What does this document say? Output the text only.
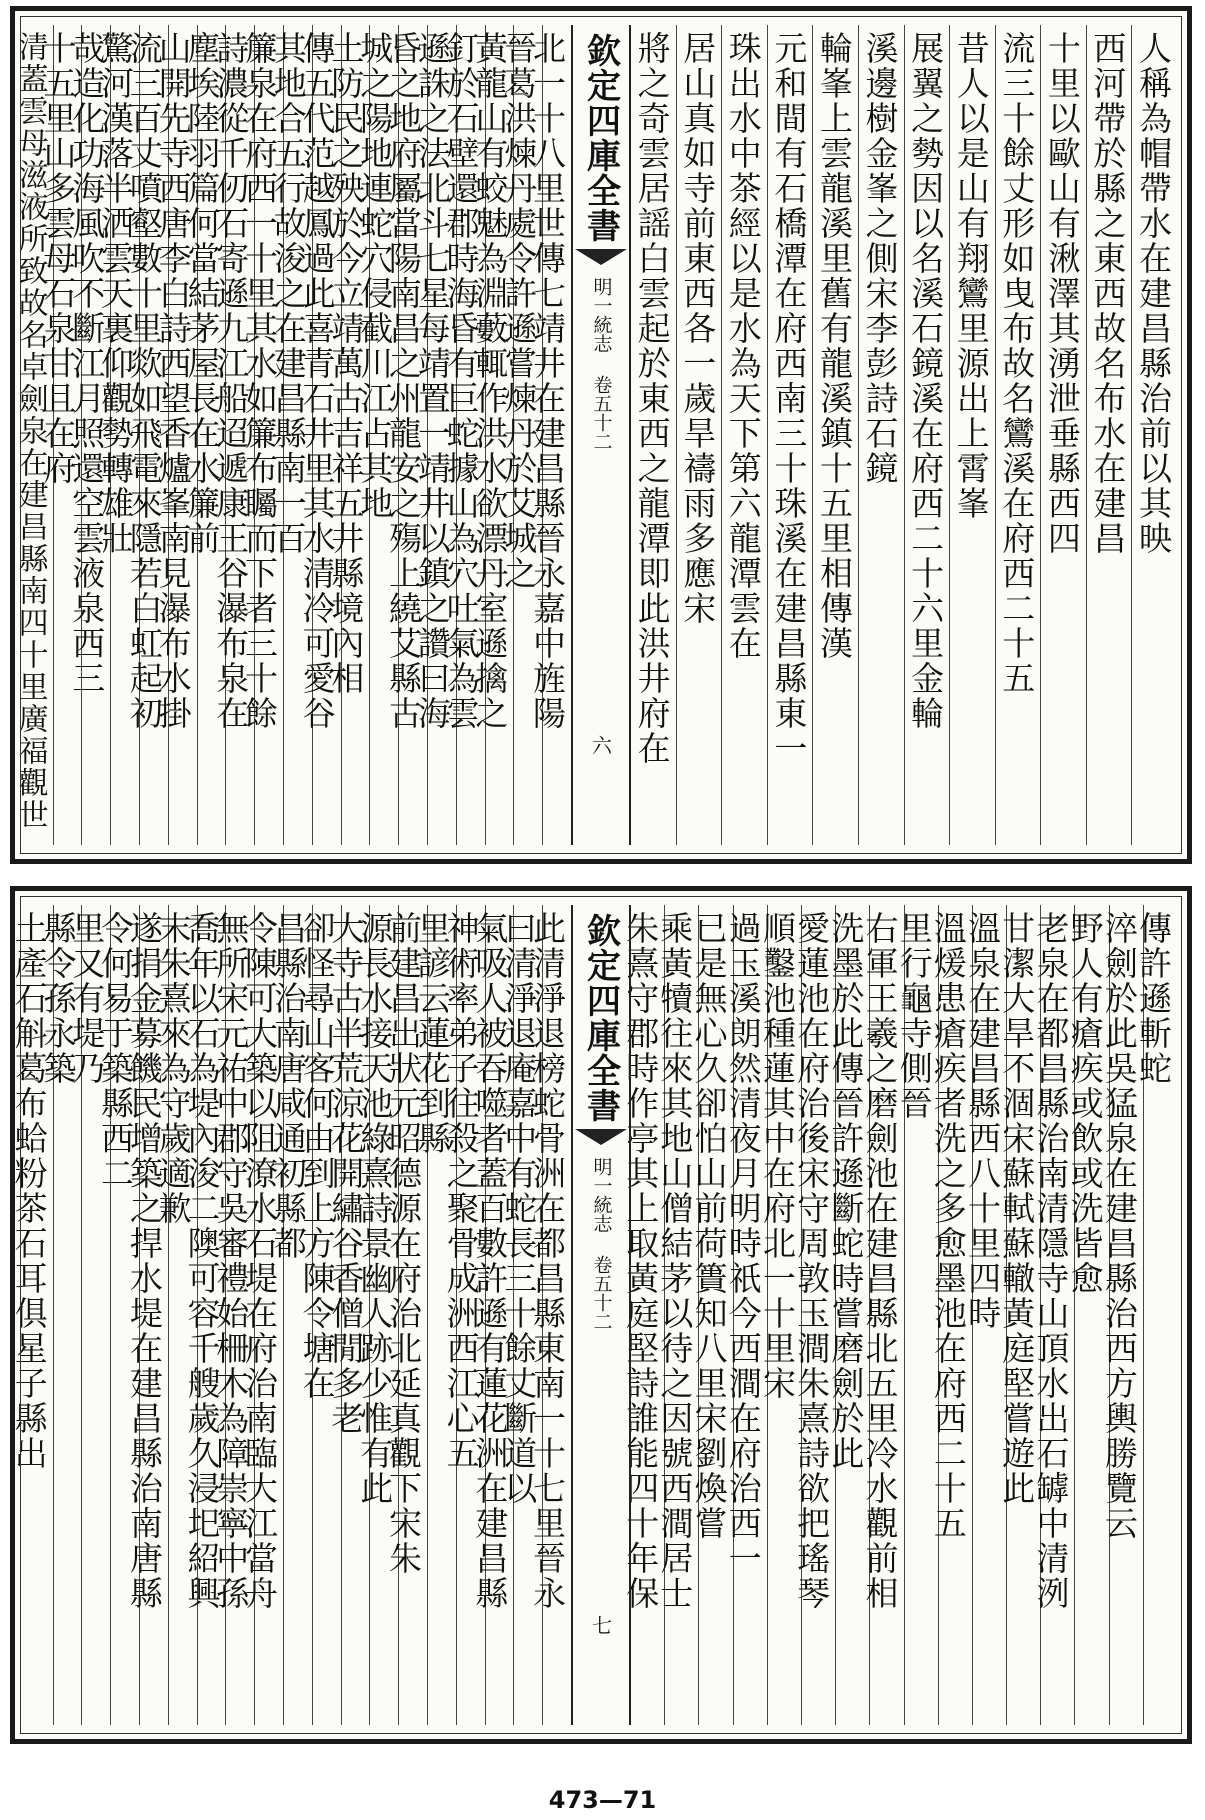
人稱為帽帶水在建昌縣治前以其映
西河帶於縣之東西故名布水在建昌
十里以歐山有湫澤其湧泄垂縣西四
流三十餘丈形如曳布故名鸞溪在府西二十五
昔人以是山有翔鸞里源出上霄峯
展翼之勢因以名溪石鏡溪在府西二十六里金輪
溪邊樹金峯之側宋李彭詩石鏡
輪峯上雲龍溪里舊有龍溪鎮十五里相傳漢
元和間有石橋潭在府西南三十珠溪在建昌縣東一
珠出水中茶經以是水為天下第六龍潭雲在
居山真如寺前東西各一歲旱禱雨多應宋
將之奇雲居謡白雲起於東西之龍潭即此洪井府在
欽定四庫全書
明一統志 卷五十二
六
北一十八里世傳七靖井在建昌縣晉永嘉中旌陽
晉葛洪煉丹處令許遜嘗煉丹於艾城之
黃龍山有蛟魅為淵藪輒作洪水欲漂丹室遜擒之
釘於石壁還郡時海昏有巨蛇據山為穴吐氣為雲
遜誅之法北斗七星每靖置一靖井以鎮之讚曰海
昏之地府屬當陽南昌之州龍安之殤上繞艾縣古
城之陽地連蛇穴侵截川江占其地
土防民之殃於今立靖萬古吉祥五井縣境內相
傳五代范越鳳過此喜青石井里其水清冷可愛谷
其地合五行故浚之在建昌縣南一百
簾泉在府西一十里其水如簾布矚而下者三十餘
詩濃從千仞石寄遜九江船迢遞康王谷瀑布泉在
塵埃陸羽篇何當結茅屋長在水簾前
山開先寺西唐李白詩西望香爐峯南見瀑布水掛
流三百丈噴壑數十里欻如飛電來隱若白虹起初
驚河漢落半洒雲天裏仰觀勢轉雄壯
哉造化功海風吹不斷江月照還空雲液泉西三
十五里山多雲母石泉甘且在府
清蓋雲母滋液所致故名卓劍泉在建昌縣南四十里廣福觀世
傳許遜斬蛇
淬劍於此吳猛泉在建昌縣治西方輿勝覽云
野人有瘡疾或飲或洗皆愈
老泉在都昌縣治南清隱寺山頂水出石罅中清洌
甘潔大旱不涸宋蘇軾蘇轍黃庭堅嘗遊此
溫泉在建昌縣西八十里四時
溫煖患瘡疾者洗之多愈墨池在府西二十五
里行龜寺側晉
右軍王羲之磨劍池在建昌縣北五里冷水觀前相
洗墨於此傳晉許遜斷蛇時嘗磨劍於此
愛蓮池在府治後宋守周敦玉澗朱熹詩欲把瑤琴
順鑿池種蓮其中在府北一十里宋
過玉溪朗然清夜月明時祇今西澗在府治西一
已是無心久卻怕山前荷簣知八里宋劉煥嘗
乘黃犢往來其地山僧結茅以待之因號西澗居士
朱熹守郡時作亭其上取黃庭堅詩誰能四十年保
欽定四庫全書
明一統志 卷五十二
七
此清淨退榜蛇骨洲在都昌縣東南一十七里晉永
曰清淨退庵嘉中有蛇長三十餘丈斷道以
氣吸人被吞噬者蓋百數許遜有蓮花洲在建昌縣
神術率弟子往殺之聚骨成洲西江心五
里諺云蓮花到縣
前建昌出狀元昭德源在府治北延真觀下宋朱
源長水接天池綠熹詩景幽人跡少惟有此
大寺古半荒涼花開繡谷香僧閒多老
卻怪尋山客何由到上方陳令塘在
昌縣治南唐咸通初縣都
令陳可大築以阻潦水石堤在府治南臨大江當舟
無所宋元祐中郡守吳審禮始柵木為障崇寧中孫
喬年以石為堤內浚二隩可容千艘歲久浸圯紹興
末朱熹來為守歲適歉
遂捐金募饑民增築之捍水堤在建昌縣治南唐縣
令何易于築縣西二
里又有堤乃
縣令孫永築
土產石斛葛布蛤粉茶石耳俱星子縣出
473—71
